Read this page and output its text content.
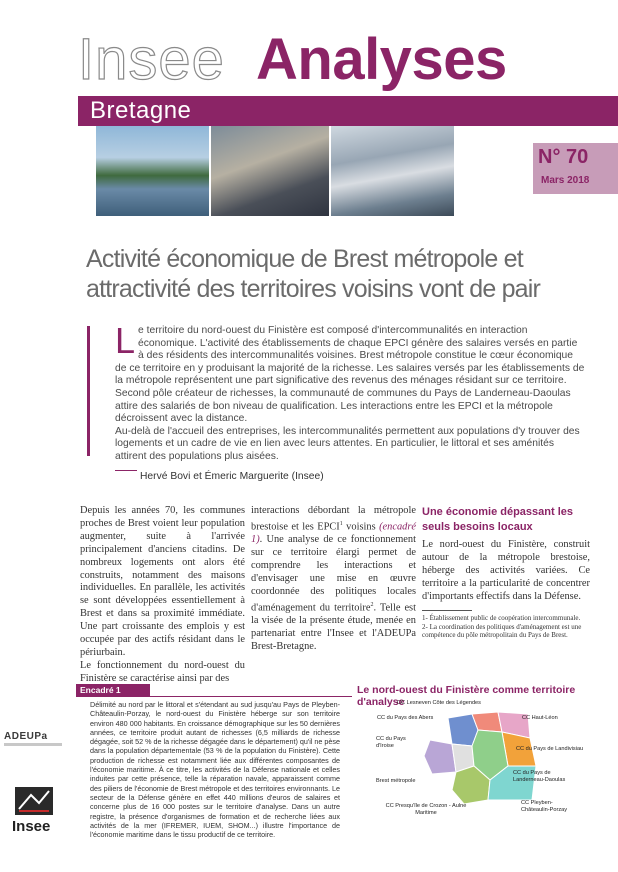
Insee Analyses
Bretagne
N° 70
Mars 2018
Activité économique de Brest métropole et attractivité des territoires voisins vont de pair
Le territoire du nord-ouest du Finistère est composé d'intercommunalités en interaction économique. L'activité des établissements de chaque EPCI génère des salaires versés en partie à des résidents des intercommunalités voisines. Brest métropole constitue le cœur économique de ce territoire en y produisant la majorité de la richesse. Les salaires versés par les établissements de la métropole représentent une part significative des revenus des ménages résidant sur ce territoire. Second pôle créateur de richesses, la communauté de communes du Pays de Landerneau-Daoulas attire des salariés de bon niveau de qualification. Les interactions entre les EPCI et la métropole décroissent avec la distance.
Au-delà de l'accueil des entreprises, les intercommunalités permettent aux populations d'y trouver des logements et un cadre de vie en lien avec leurs attentes. En particulier, le littoral et ses aménités attirent des populations plus aisées.
Hervé Bovi et Émeric Marguerite (Insee)

Depuis les années 70, les communes proches de Brest voient leur population augmenter, suite à l'arrivée principalement d'anciens citadins. De nombreux logements ont alors été construits, notamment des maisons individuelles. En parallèle, les activités se sont développées essentiellement à Brest et dans sa proximité immédiate. Une part croissante des emplois y est occupée par des actifs résidant dans le périurbain.

Le fonctionnement du nord-ouest du Finistère se caractérise ainsi par des

interactions débordant la métropole brestoise et les EPCI$^1$ voisins (encadré 1). Une analyse de ce fonctionnement sur ce territoire élargi permet de comprendre les interactions et d'envisager une mise en œuvre coordonnée des politiques locales d'aménagement du territoire$^2$. Telle est la visée de la présente étude, menée en partenariat entre l'Insee et l'ADEUPa Brest-Bretagne.

Une économie dépassant les seuls besoins locaux

Le nord-ouest du Finistère, construit autour de la métropole brestoise, héberge des activités variées. Ce territoire a la particularité de concentrer d'importants effectifs dans la Défense.

1- Établissement public de coopération intercommunale.
2- La coordination des politiques d'aménagement est une compétence du pôle métropolitain du Pays de Brest.
Encadré 1
Délimité au nord par le littoral et s'étendant au sud jusqu'au Pays de Pleyben-Châteaulin-Porzay, le nord-ouest du Finistère héberge sur son territoire environ 480 000 habitants. En croissance démographique sur les 50 dernières années, ce territoire produit autant de richesses (6,5 milliards de richesse dégagée, soit 52 % de la richesse dégagée dans le département) qu'il ne pèse dans la population départementale (53 % de la population du Finistère). Cette production de richesse est notamment liée aux différentes composantes de l'économie maritime. À ce titre, les activités de la Défense nationale et celles induites par cette présence, telle la réparation navale, apparaissent comme des piliers de l'économie de Brest métropole et des territoires environnants. Le secteur de la Défense génère en effet 440 millions d'euros de salaires et concerne plus de 16 000 postes sur le territoire d'analyse. Dans un autre registre, la présence d'organismes de formation et de recherche liées aux activités de la mer (IFREMER, IUEM, SHOM...) illustre l'importance de l'économie maritime dans le tissu productif de ce territoire.
Le nord-ouest du Finistère comme territoire d'analyse
CC Lesneven Côte des Légendes
CC du Pays des Abers	CC Haut-Léon
CC du Pays d'Iroise
CC du Pays de Landivisiau
Brest métropole
CC du Pays de Landerneau-Daoulas
CC Presqu'île de Crozon - Aulne Maritime
CC Pleyben-Châteaulin-Porzay
ADEUPa
Insee
